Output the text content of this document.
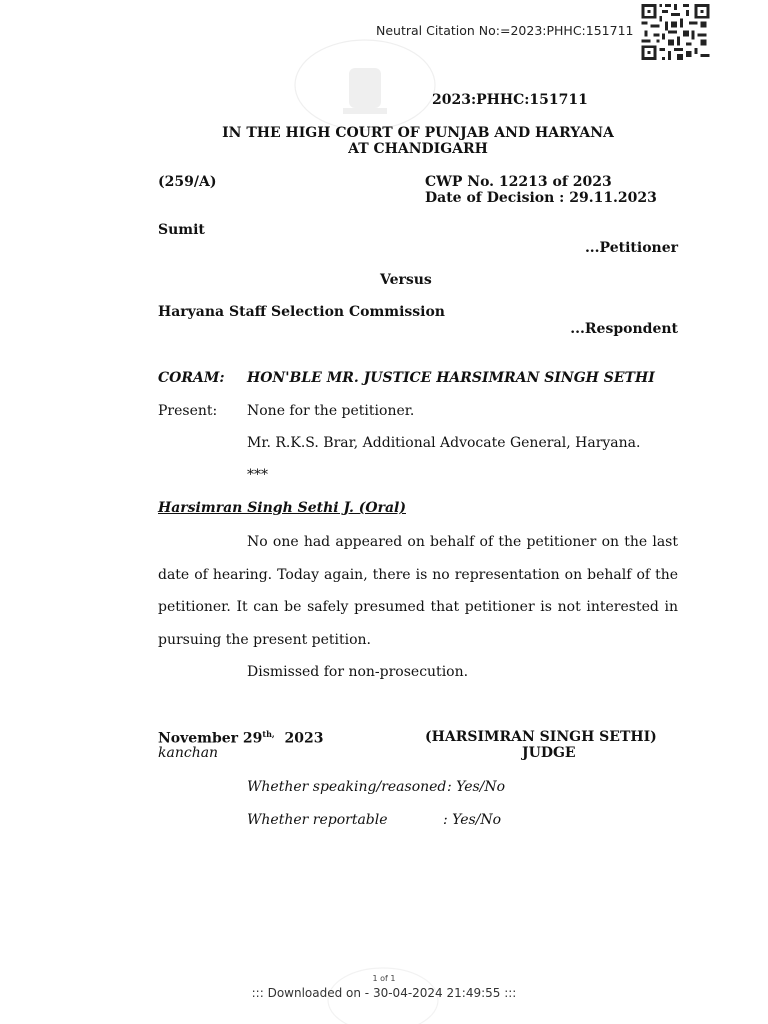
Neutral Citation No:=2023:PHHC:151711
2023:PHHC:151711
IN THE HIGH COURT OF PUNJAB AND HARYANA
AT CHANDIGARH
(259/A)	CWP No. 12213 of 2023
Date of Decision : 29.11.2023
Sumit
...Petitioner
Versus
Haryana Staff Selection Commission
...Respondent
CORAM: HON'BLE MR. JUSTICE HARSIMRAN SINGH SETHI
Present: None for the petitioner.
Mr. R.K.S. Brar, Additional Advocate General, Haryana.
***
Harsimran Singh Sethi J. (Oral)
No one had appeared on behalf of the petitioner on the last
date of hearing. Today again, there is no representation on behalf of the
petitioner. It can be safely presumed that petitioner is not interested in
pursuing the present petition.
Dismissed for non-prosecution.
November $29^{th,}$ 2023
kanchan
(HARSIMRAN SINGH SETHI)
JUDGE
Whether speaking/reasoned : Yes/No
Whether reportable	: Yes/No
1 of 1
::: Downloaded on - 30-04-2024 21:49:55 :::
